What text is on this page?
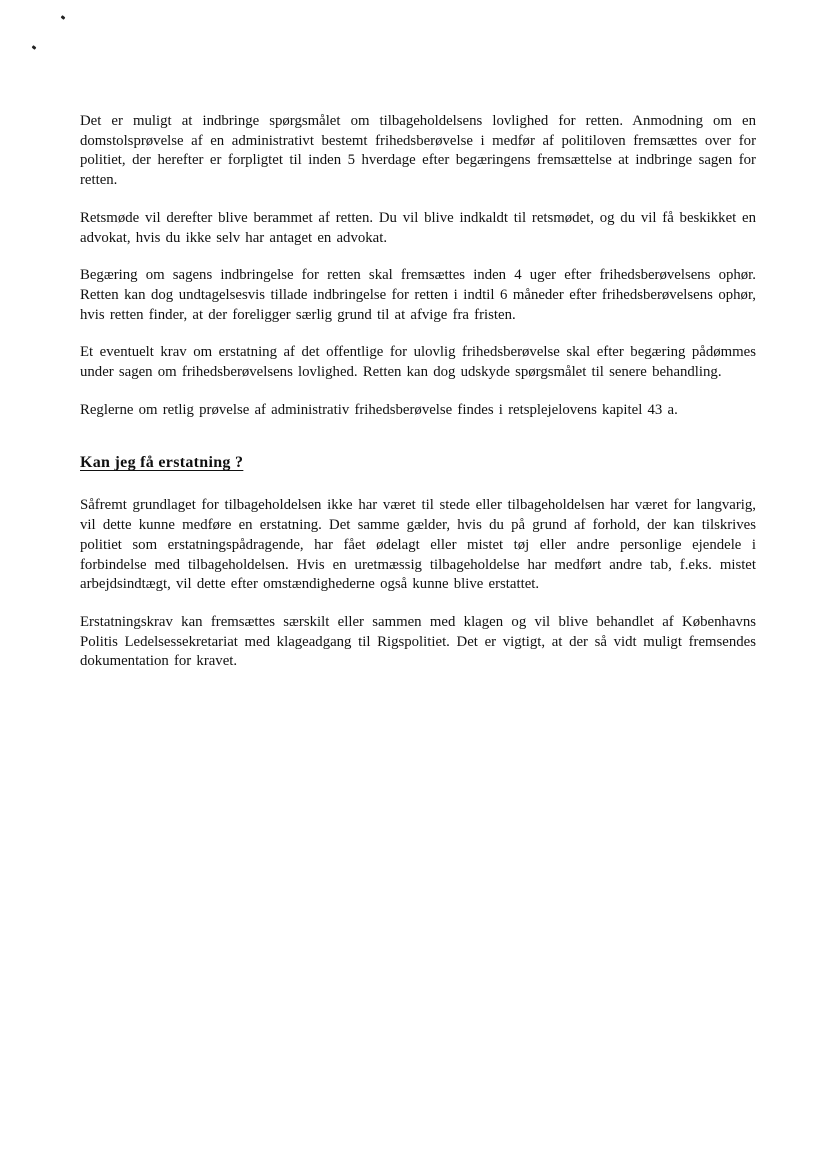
Det er muligt at indbringe spørgsmålet om tilbageholdelsens lovlighed for retten. Anmodning om en domstolsprøvelse af en administrativt bestemt frihedsberøvelse i medfør af politiloven fremsættes over for politiet, der herefter er forpligtet til inden 5 hverdage efter begæringens fremsættelse at indbringe sagen for retten.

Retsmøde vil derefter blive berammet af retten. Du vil blive indkaldt til retsmødet, og du vil få beskikket en advokat, hvis du ikke selv har antaget en advokat.

Begæring om sagens indbringelse for retten skal fremsættes inden 4 uger efter frihedsberøvelsens ophør. Retten kan dog undtagelsesvis tillade indbringelse for retten i indtil 6 måneder efter frihedsberøvelsens ophør, hvis retten finder, at der foreligger særlig grund til at afvige fra fristen.

Et eventuelt krav om erstatning af det offentlige for ulovlig frihedsberøvelse skal efter begæring pådømmes under sagen om frihedsberøvelsens lovlighed. Retten kan dog udskyde spørgsmålet til senere behandling.

Reglerne om retlig prøvelse af administrativ frihedsberøvelse findes i retsplejelovens kapitel 43 a.

Kan jeg få erstatning ?

Såfremt grundlaget for tilbageholdelsen ikke har været til stede eller tilbageholdelsen har været for langvarig, vil dette kunne medføre en erstatning. Det samme gælder, hvis du på grund af forhold, der kan tilskrives politiet som erstatningspådragende, har fået ødelagt eller mistet tøj eller andre personlige ejendele i forbindelse med tilbageholdelsen. Hvis en uretmæssig tilbageholdelse har medført andre tab, f.eks. mistet arbejdsindtægt, vil dette efter omstændighederne også kunne blive erstattet.

Erstatningskrav kan fremsættes særskilt eller sammen med klagen og vil blive behandlet af Københavns Politis Ledelsessekretariat med klageadgang til Rigspolitiet. Det er vigtigt, at der så vidt muligt fremsendes dokumentation for kravet.
